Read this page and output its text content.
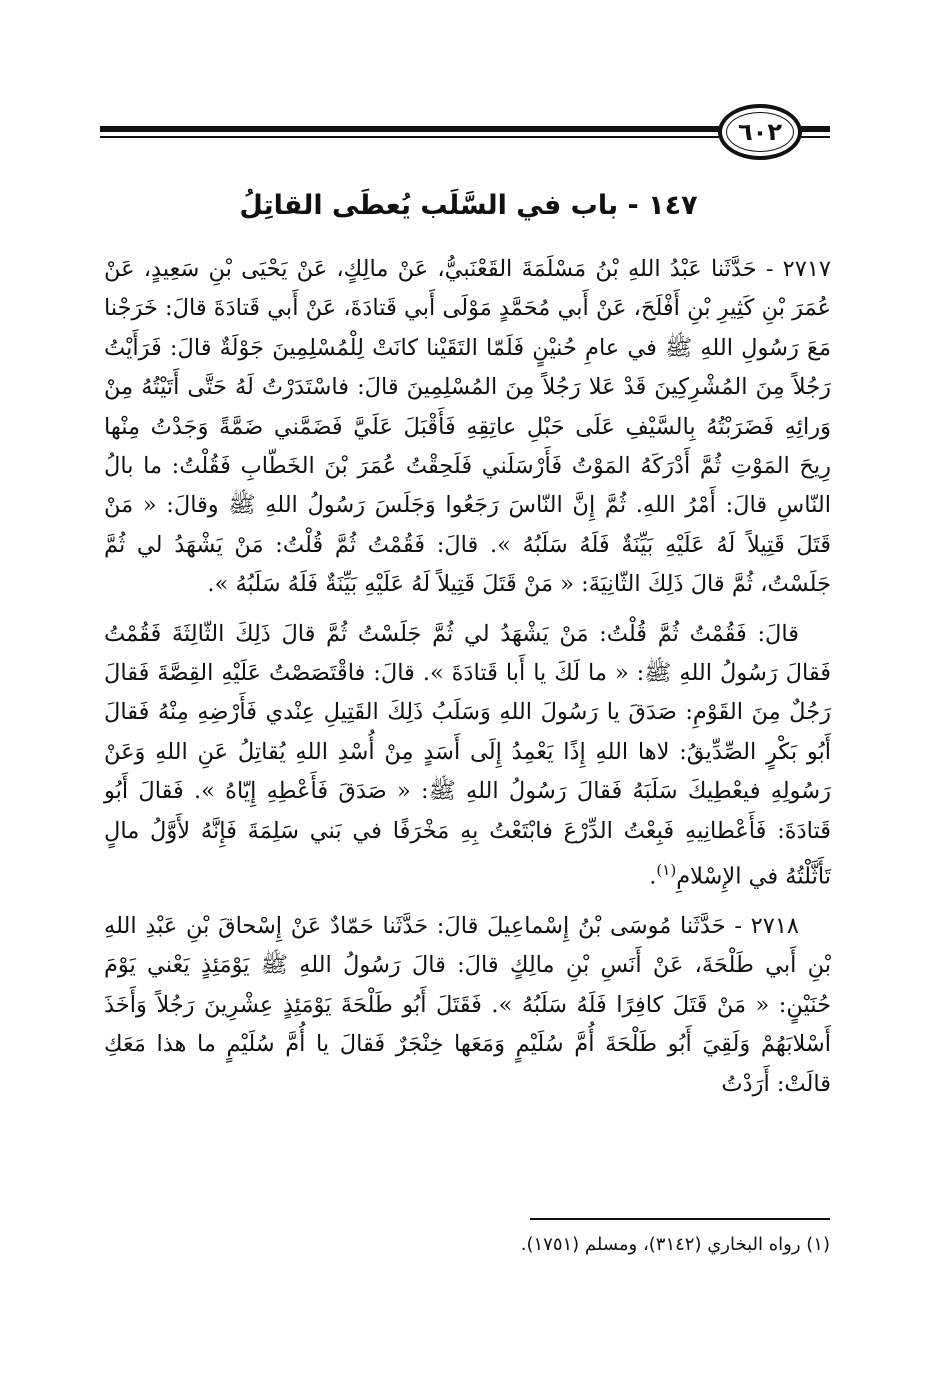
٦٠٢
١٤٧ - باب في السَّلَب يُعطَى القاتِلُ

٢٧١٧ - حَدَّثَنا عَبْدُ اللهِ بْنُ مَسْلَمَةَ القَعْنَبيُّ، عَنْ مالِكٍ، عَنْ يَحْيَى بْنِ سَعِيدٍ، عَنْ عُمَرَ بْنِ كَثِيرِ بْنِ أَفْلَحَ، عَنْ أَبي مُحَمَّدٍ مَوْلَى أَبي قَتادَةَ، عَنْ أَبي قَتادَةَ قالَ: خَرَجْنا مَعَ رَسُولِ اللهِ ﷺ في عامِ حُنيْنٍ فَلَمّا التَقَيْنا كانَتْ لِلْمُسْلِمِينَ جَوْلَةٌ قالَ: فَرَأَيْتُ رَجُلاً مِنَ المُشْرِكِينَ قَدْ عَلا رَجُلاً مِنَ المُسْلِمِينَ قالَ: فاسْتَدَرْتُ لَهُ حَتَّى أَتَيْتُهُ مِنْ وَرائِهِ فَضَرَبْتُهُ بِالسَّيْفِ عَلَى حَبْلِ عاتِقِهِ فَأَقْبَلَ عَلَيَّ فَضَمَّني ضَمَّةً وَجَدْتُ مِنْها رِيحَ المَوْتِ ثُمَّ أَدْرَكَهُ المَوْتُ فَأَرْسَلَني فَلَحِقْتُ عُمَرَ بْنَ الخَطّابِ فَقُلْتُ: ما بالُ النّاسِ قالَ: أَمْرُ اللهِ. ثُمَّ إِنَّ النّاسَ رَجَعُوا وَجَلَسَ رَسُولُ اللهِ ﷺ وقالَ: « مَنْ قَتَلَ قَتِيلاً لَهُ عَلَيْهِ بَيِّنَةٌ فَلَهُ سَلَبُهُ ». قالَ: فَقُمْتُ ثُمَّ قُلْتُ: مَنْ يَشْهَدُ لي ثُمَّ جَلَسْتُ، ثُمَّ قالَ ذَلِكَ الثّانِيَةَ: « مَنْ قَتَلَ قَتِيلاً لَهُ عَلَيْهِ بَيِّنَةٌ فَلَهُ سَلَبُهُ ».

قالَ: فَقُمْتُ ثُمَّ قُلْتُ: مَنْ يَشْهَدُ لي ثُمَّ جَلَسْتُ ثُمَّ قالَ ذَلِكَ الثّالِثَةَ فَقُمْتُ فَقالَ رَسُولُ اللهِ ﷺ: « ما لَكَ يا أَبا قَتادَةَ ». قالَ: فاقْتَصَصْتُ عَلَيْهِ القِصَّةَ فَقالَ رَجُلٌ مِنَ القَوْمِ: صَدَقَ يا رَسُولَ اللهِ وَسَلَبُ ذَلِكَ القَتِيلِ عِنْدي فَأَرْضِهِ مِنْهُ فَقالَ أَبُو بَكْرٍ الصِّدِّيقُ: لاها اللهِ إِذًا يَعْمِدُ إِلَى أَسَدٍ مِنْ أُسْدِ اللهِ يُقاتِلُ عَنِ اللهِ وَعَنْ رَسُولِهِ فيعْطِيكَ سَلَبَهُ فَقالَ رَسُولُ اللهِ ﷺ: « صَدَقَ فَأَعْطِهِ إِيّاهُ ». فَقالَ أَبُو قَتادَةَ: فَأَعْطانِيهِ فَبِعْتُ الدِّرْعَ فابْتَعْتُ بِهِ مَخْرَفًا في بَني سَلِمَةَ فَإِنَّهُ لأَوَّلُ مالٍ تَأَثَّلْتُهُ في الإِسْلامِ$^{(١)}$.

٢٧١٨ - حَدَّثَنا مُوسَى بْنُ إِسْماعِيلَ قالَ: حَدَّثَنا حَمّادٌ عَنْ إِسْحاقَ بْنِ عَبْدِ اللهِ بْنِ أَبي طَلْحَةَ، عَنْ أَنَسِ بْنِ مالِكٍ قالَ: قالَ رَسُولُ اللهِ ﷺ يَوْمَئِذٍ يَعْني يَوْمَ حُنَيْنٍ: « مَنْ قَتَلَ كافِرًا فَلَهُ سَلَبُهُ ». فَقَتَلَ أَبُو طَلْحَةَ يَوْمَئِذٍ عِشْرِينَ رَجُلاً وَأَخَذَ أَسْلابَهُمْ وَلَقِيَ أَبُو طَلْحَةَ أُمَّ سُلَيْمٍ وَمَعَها خِنْجَرٌ فَقالَ يا أُمَّ سُلَيْمٍ ما هذا مَعَكِ قالَتْ: أَرَدْتُ

(١) رواه البخاري (٣١٤٢)، ومسلم (١٧٥١).
